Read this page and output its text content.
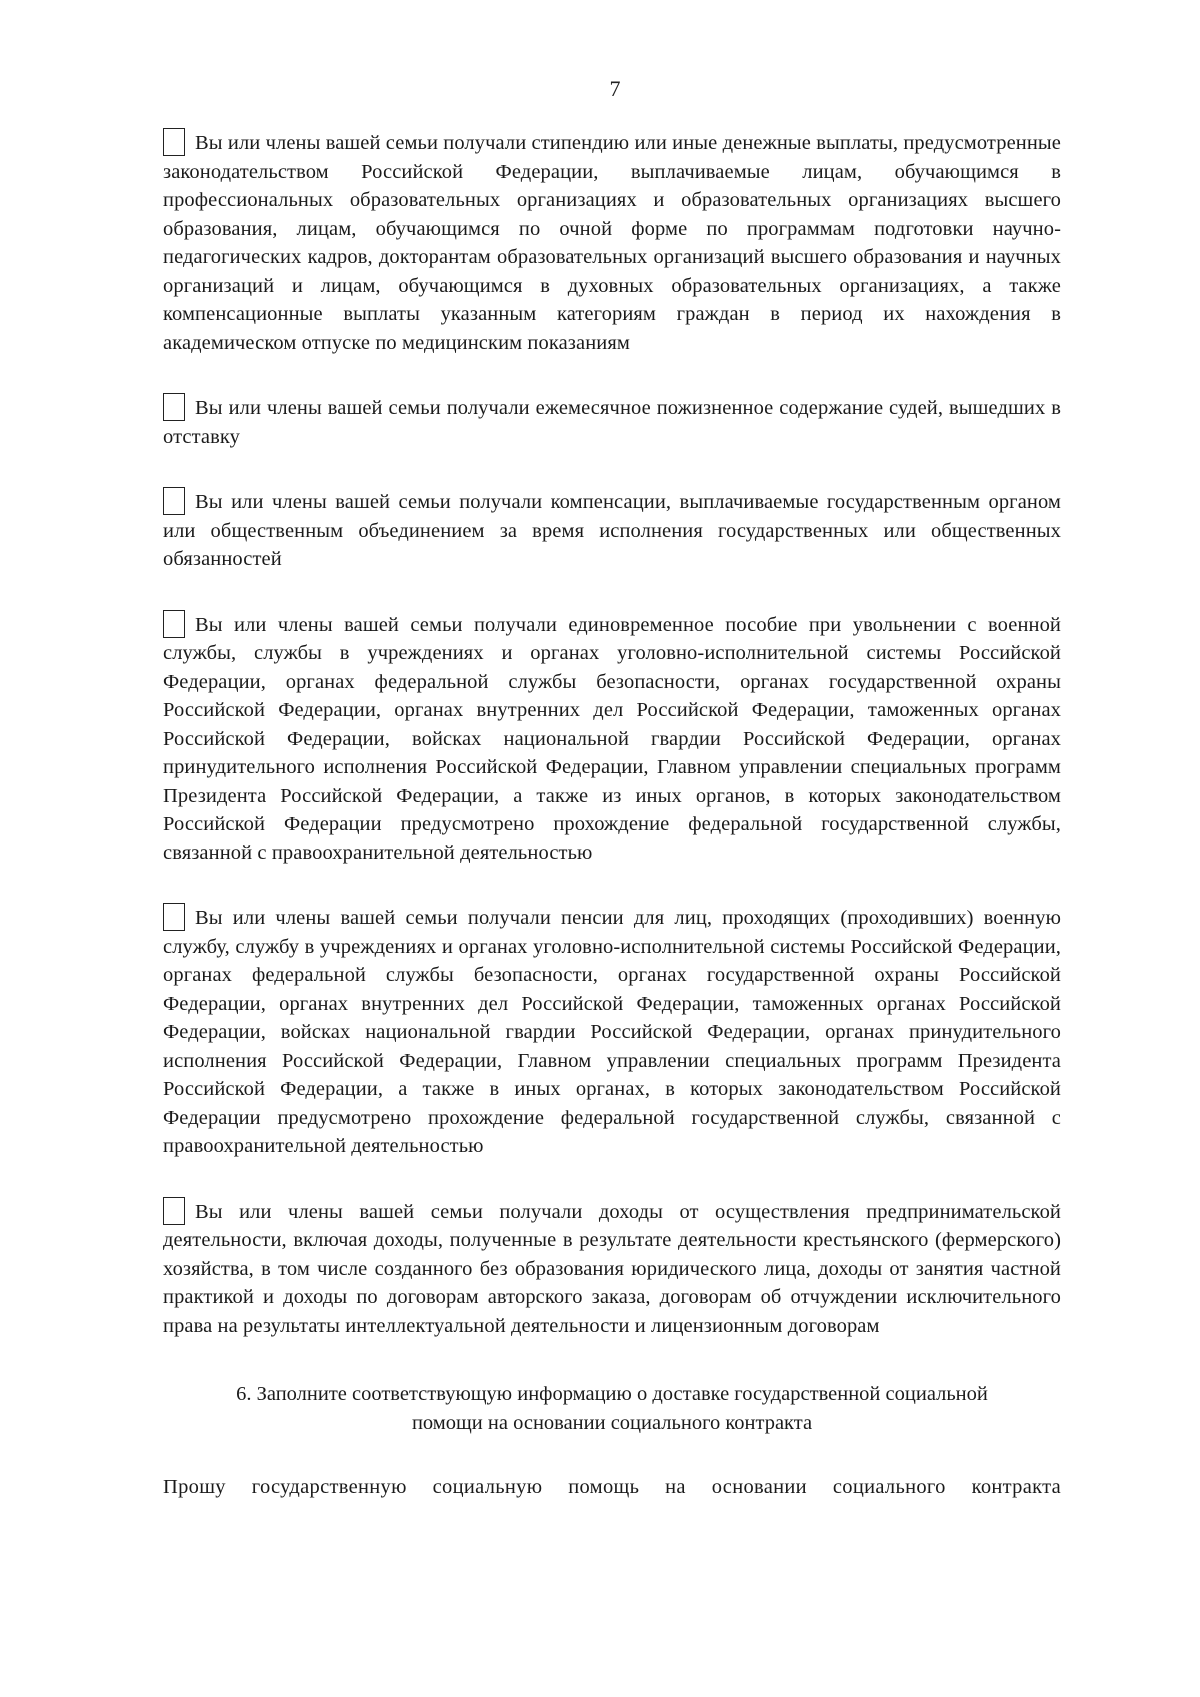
7

Вы или члены вашей семьи получали стипендию или иные денежные выплаты, предусмотренные законодательством Российской Федерации, выплачиваемые лицам, обучающимся в профессиональных образовательных организациях и образовательных организациях высшего образования, лицам, обучающимся по очной форме по программам подготовки научно-педагогических кадров, докторантам образовательных организаций высшего образования и научных организаций и лицам, обучающимся в духовных образовательных организациях, а также компенсационные выплаты указанным категориям граждан в период их нахождения в академическом отпуске по медицинским показаниям

Вы или члены вашей семьи получали ежемесячное пожизненное содержание судей, вышедших в отставку

Вы или члены вашей семьи получали компенсации, выплачиваемые государственным органом или общественным объединением за время исполнения государственных или общественных обязанностей

Вы или члены вашей семьи получали единовременное пособие при увольнении с военной службы, службы в учреждениях и органах уголовно-исполнительной системы Российской Федерации, органах федеральной службы безопасности, органах государственной охраны Российской Федерации, органах внутренних дел Российской Федерации, таможенных органах Российской Федерации, войсках национальной гвардии Российской Федерации, органах принудительного исполнения Российской Федерации, Главном управлении специальных программ Президента Российской Федерации, а также из иных органов, в которых законодательством Российской Федерации предусмотрено прохождение федеральной государственной службы, связанной с правоохранительной деятельностью

Вы или члены вашей семьи получали пенсии для лиц, проходящих (проходивших) военную службу, службу в учреждениях и органах уголовно-исполнительной системы Российской Федерации, органах федеральной службы безопасности, органах государственной охраны Российской Федерации, органах внутренних дел Российской Федерации, таможенных органах Российской Федерации, войсках национальной гвардии Российской Федерации, органах принудительного исполнения Российской Федерации, Главном управлении специальных программ Президента Российской Федерации, а также в иных органах, в которых законодательством Российской Федерации предусмотрено прохождение федеральной государственной службы, связанной с правоохранительной деятельностью

Вы или члены вашей семьи получали доходы от осуществления предпринимательской деятельности, включая доходы, полученные в результате деятельности крестьянского (фермерского) хозяйства, в том числе созданного без образования юридического лица, доходы от занятия частной практикой и доходы по договорам авторского заказа, договорам об отчуждении исключительного права на результаты интеллектуальной деятельности и лицензионным договорам

6. Заполните соответствующую информацию о доставке государственной социальной
помощи на основании социального контракта
Прошу государственную социальную помощь на основании социального контракта
